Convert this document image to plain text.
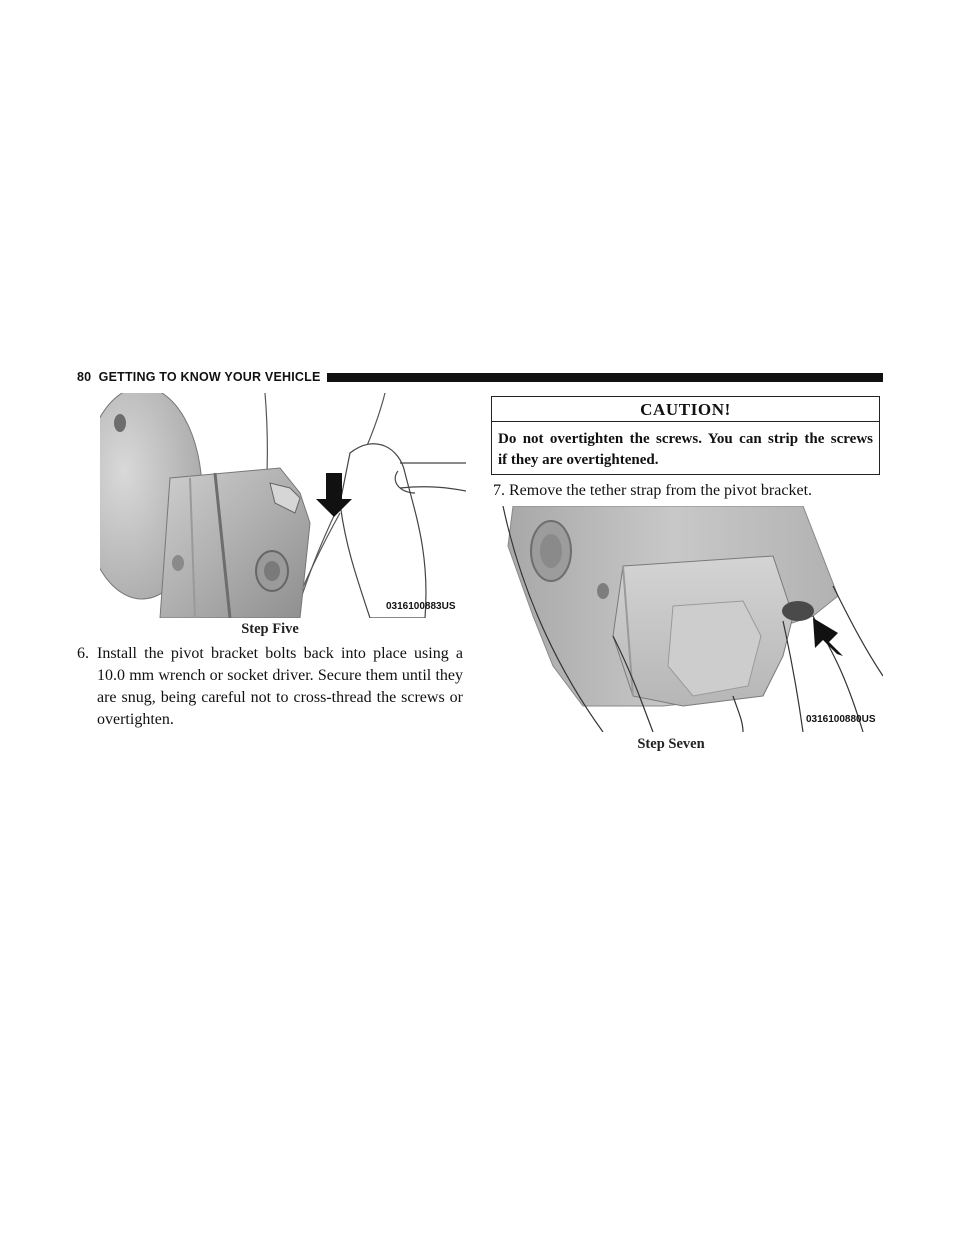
80 GETTING TO KNOW YOUR VEHICLE
0316100883US
Step Five
6. Install the pivot bracket bolts back into place using a
10.0 mm wrench or socket driver. Secure them until they
are snug, being careful not to cross-thread the screws or
overtighten.
CAUTION!
Do not overtighten the screws. You can strip the screws
if they are overtightened.
7. Remove the tether strap from the pivot bracket.
0316100880US
Step Seven
